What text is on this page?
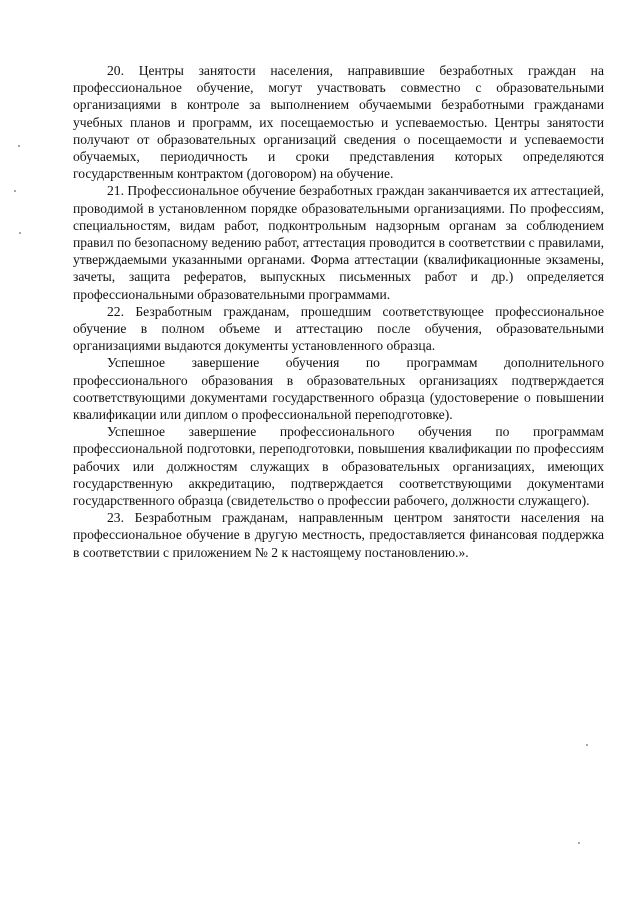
20. Центры занятости населения, направившие безработных граждан на профессиональное обучение, могут участвовать совместно с образовательными организациями в контроле за выполнением обучаемыми безработными гражданами учебных планов и программ, их посещаемостью и успеваемостью. Центры занятости получают от образовательных организаций сведения о посещаемости и успеваемости обучаемых, периодичность и сроки представления которых определяются государственным контрактом (договором) на обучение.

21. Профессиональное обучение безработных граждан заканчивается их аттестацией, проводимой в установленном порядке образовательными организациями. По профессиям, специальностям, видам работ, подконтрольным надзорным органам за соблюдением правил по безопасному ведению работ, аттестация проводится в соответствии с правилами, утверждаемыми указанными органами. Форма аттестации (квалификационные экзамены, зачеты, защита рефератов, выпускных письменных работ и др.) определяется профессиональными образовательными программами.

22. Безработным гражданам, прошедшим соответствующее профессиональное обучение в полном объеме и аттестацию после обучения, образовательными организациями выдаются документы установленного образца.

Успешное завершение обучения по программам дополнительного профессионального образования в образовательных организациях подтверждается соответствующими документами государственного образца (удостоверение о повышении квалификации или диплом о профессиональной переподготовке).

Успешное завершение профессионального обучения по программам профессиональной подготовки, переподготовки, повышения квалификации по профессиям рабочих или должностям служащих в образовательных организациях, имеющих государственную аккредитацию, подтверждается соответствующими документами государственного образца (свидетельство о профессии рабочего, должности служащего).

23. Безработным гражданам, направленным центром занятости населения на профессиональное обучение в другую местность, предоставляется финансовая поддержка в соответствии с приложением № 2 к настоящему постановлению.».
